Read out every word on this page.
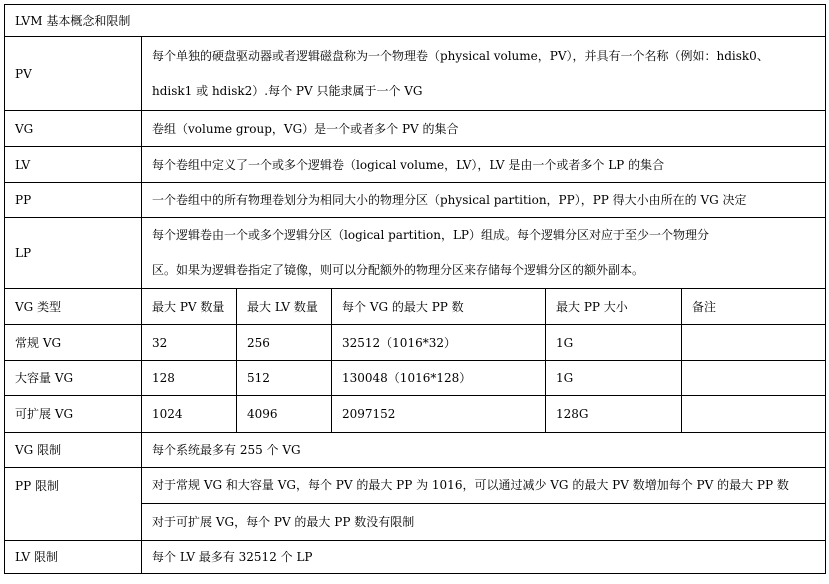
LVM 基本概念和限制					
PV	每个单独的硬盘驱动器或者逻辑磁盘称为一个物理卷（physical volume，PV），并具有一个名称（例如：hdisk0、
hdisk1 或 hdisk2）.每个 PV 只能隶属于一个 VG				

VG	卷组（volume group，VG）是一个或者多个 PV 的集合				
LV	每个卷组中定义了一个或多个逻辑卷（logical volume，LV），LV 是由一个或者多个 LP 的集合				
PP	一个卷组中的所有物理卷划分为相同大小的物理分区（physical partition，PP），PP 得大小由所在的 VG 决定				
LP	每个逻辑卷由一个或多个逻辑分区（logical partition，LP）组成。每个逻辑分区对应于至少一个物理分
区。如果为逻辑卷指定了镜像，则可以分配额外的物理分区来存储每个逻辑分区的额外副本。				

VG 类型	最大 PV 数量	最大 LV 数量	每个 VG 的最大 PP 数	最大 PP 大小	备注
常规 VG	32	256	32512（1016*32）	1G	
大容量 VG	128	512	130048（1016*128）	1G	
可扩展 VG	1024	4096	2097152	128G	
VG 限制	每个系统最多有 255 个 VG				
PP 限制	对于常规 VG 和大容量 VG，每个 PV 的最大 PP 为 1016，可以通过减少 VG 的最大 PV 数增加每个 PV 的最大 PP 数
对于可扩展 VG，每个 PV 的最大 PP 数没有限制				

LV 限制	每个 LV 最多有 32512 个 LP				
